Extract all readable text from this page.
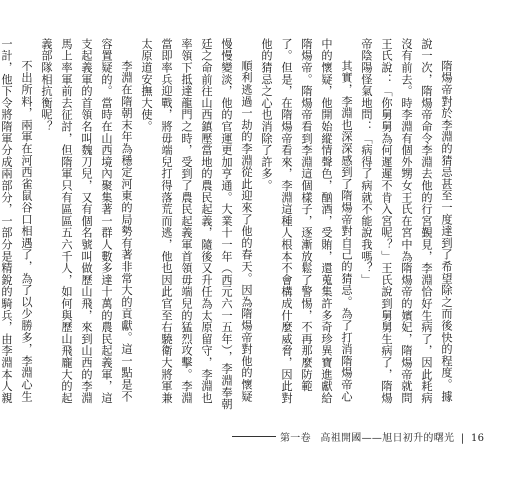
隋煬帝對於李淵的猜忌甚至一度達到了希望除之而後快的程度。據說一次，隋煬帝命令李淵去他的行宮覲見，李淵恰好生病了，因此耗病沒有前去。時李淵有個外甥女王氏在宮中為隋煬帝的嬪妃，隋煬帝就問王氏說：「你舅舅為何遲遲不肯入宮呢？」王氏說到舅舅生病了，隋煬帝陰陽怪氣地問：「病得了病就不能說我嗎？」

其實，李淵也深深感到了隋煬帝對自己的猜忌。為了打消隋煬帝心中的懷疑，他開始縱情聲色，酗酒，受賄，還蒐集許多奇珍異寶進獻給隋煬帝。隋煬帝看到李淵這個樣子，逐漸放鬆了警惕，不再那麼防範了。但是，在隋煬帝看來，李淵這種人根本不會構成什麼威脅，因此對他的猜忌之心也消除了許多。

順利逃過一劫的李淵從此迎來了他的春天。因為隋煬帝對他的懷疑慢慢變淡，他的官運更加亨通。大業十一年（西元六一五年），李淵奉朝廷之命前往山西鎮壓當地的農民起義，隨後又升任為太原留守，李淵也率領下抵達龍門之時，受到了農民起義軍首領毋端兒的猛烈攻擊。李淵當即率兵迎戰，將毋端兒打得落荒而逃，他也因此官至右驍衛大將軍兼太原道安撫大使。

李淵在隋朝末年為穩定河東的局勢有著非常大的貢獻。這一點是不容置疑的。當時在山西境內聚集著一群人數多達十萬的農民起義軍，這支起義軍的首領名叫魏刀兒，又有個名號叫做歷山飛，來到山西的李淵馬上率軍前去征討，但隋軍只有區區五六千人，如何與歷山飛龐大的起義部隊相抗衡呢？

不出所料，兩軍在河西雀鼠谷口相遇了，為了以少勝多，李淵心生一計，他下令將隋軍分成兩部分，一部分是精銳的騎兵，由李淵本人親

第一卷 高祖開國——旭日初升的曙光 | 16
